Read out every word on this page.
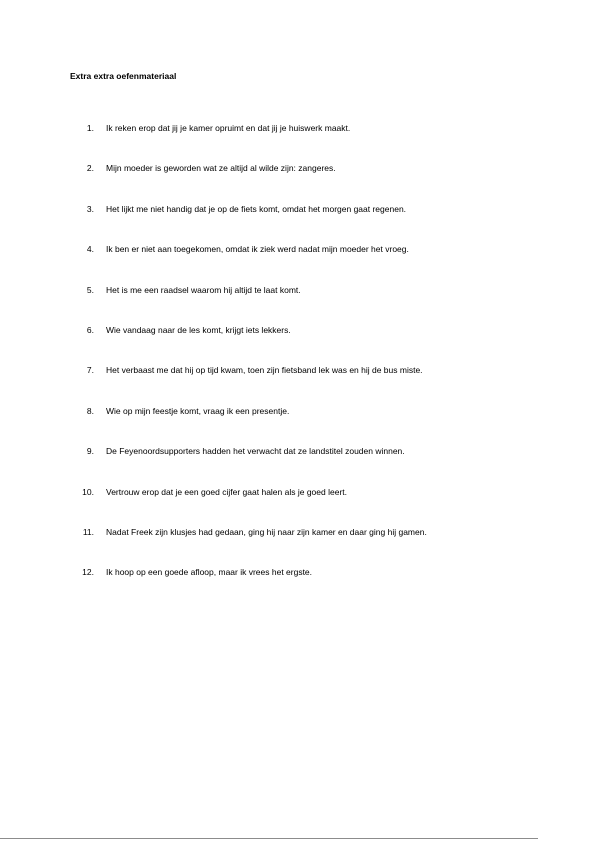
Extra extra oefenmateriaal
1. Ik reken erop dat jij je kamer opruimt en dat jij je huiswerk maakt.
2. Mijn moeder is geworden wat ze altijd al wilde zijn: zangeres.
3. Het lijkt me niet handig dat je op de fiets komt, omdat het morgen gaat regenen.
4. Ik ben er niet aan toegekomen, omdat ik ziek werd nadat mijn moeder het vroeg.
5. Het is me een raadsel waarom hij altijd te laat komt.
6. Wie vandaag naar de les komt, krijgt iets lekkers.
7. Het verbaast me dat hij op tijd kwam, toen zijn fietsband lek was en hij de bus miste.
8. Wie op mijn feestje komt, vraag ik een presentje.
9. De Feyenoordsupporters hadden het verwacht dat ze landstitel zouden winnen.
10. Vertrouw erop dat je een goed cijfer gaat halen als je goed leert.
11. Nadat Freek zijn klusjes had gedaan, ging hij naar zijn kamer en daar ging hij gamen.
12. Ik hoop op een goede afloop, maar ik vrees het ergste.
